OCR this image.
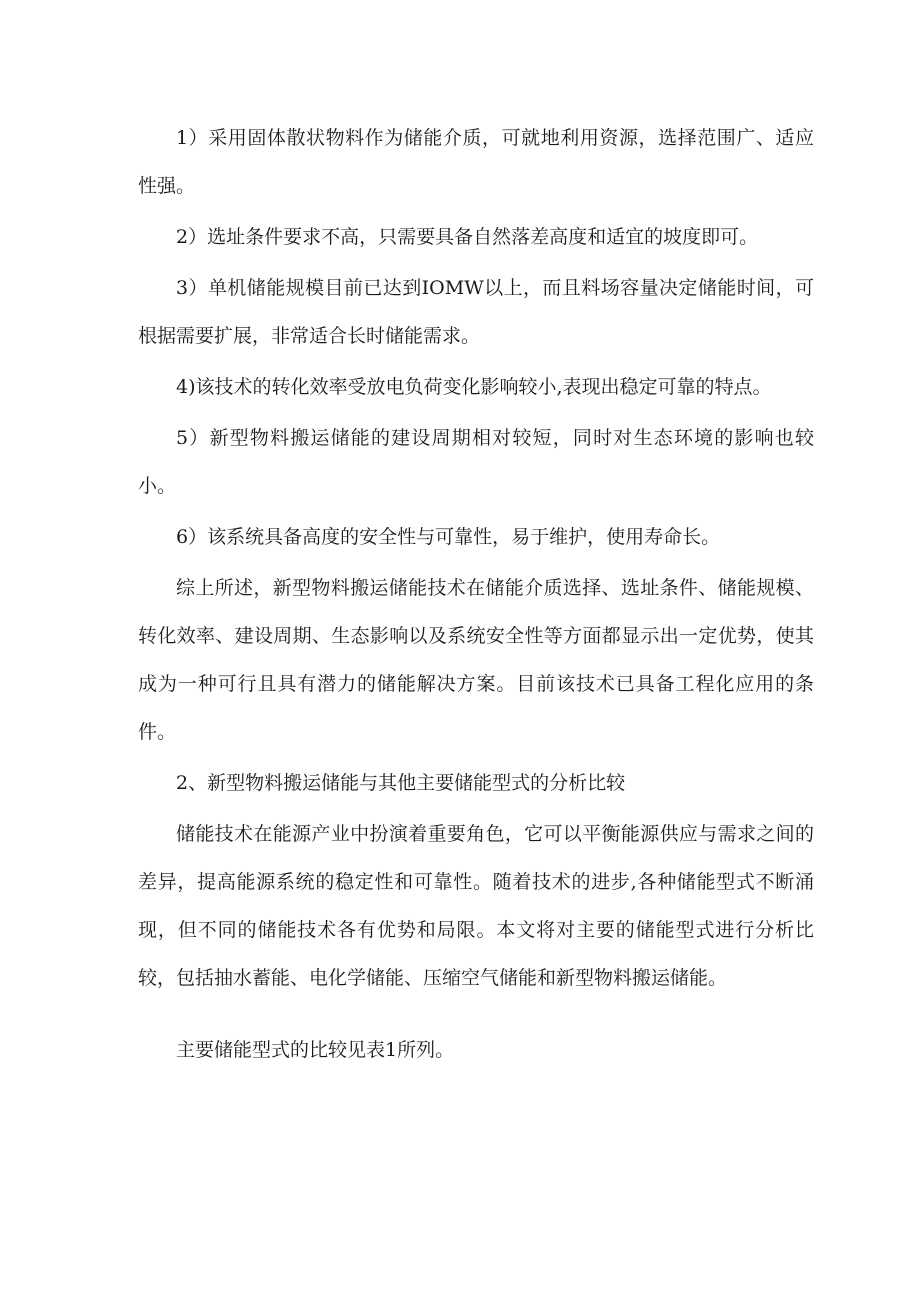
1）采用固体散状物料作为储能介质，可就地利用资源，选择范围广、适应性强。

2）选址条件要求不高，只需要具备自然落差高度和适宜的坡度即可。

3）单机储能规模目前已达到IOMW以上，而且料场容量决定储能时间，可根据需要扩展，非常适合长时储能需求。

4)该技术的转化效率受放电负荷变化影响较小,表现出稳定可靠的特点。

5）新型物料搬运储能的建设周期相对较短，同时对生态环境的影响也较小。

6）该系统具备高度的安全性与可靠性，易于维护，使用寿命长。

综上所述，新型物料搬运储能技术在储能介质选择、选址条件、储能规模、转化效率、建设周期、生态影响以及系统安全性等方面都显示出一定优势，使其成为一种可行且具有潜力的储能解决方案。目前该技术已具备工程化应用的条件。

2、新型物料搬运储能与其他主要储能型式的分析比较

储能技术在能源产业中扮演着重要角色，它可以平衡能源供应与需求之间的差异，提高能源系统的稳定性和可靠性。随着技术的进步,各种储能型式不断涌现，但不同的储能技术各有优势和局限。本文将对主要的储能型式进行分析比较，包括抽水蓄能、电化学储能、压缩空气储能和新型物料搬运储能。

主要储能型式的比较见表1所列。
